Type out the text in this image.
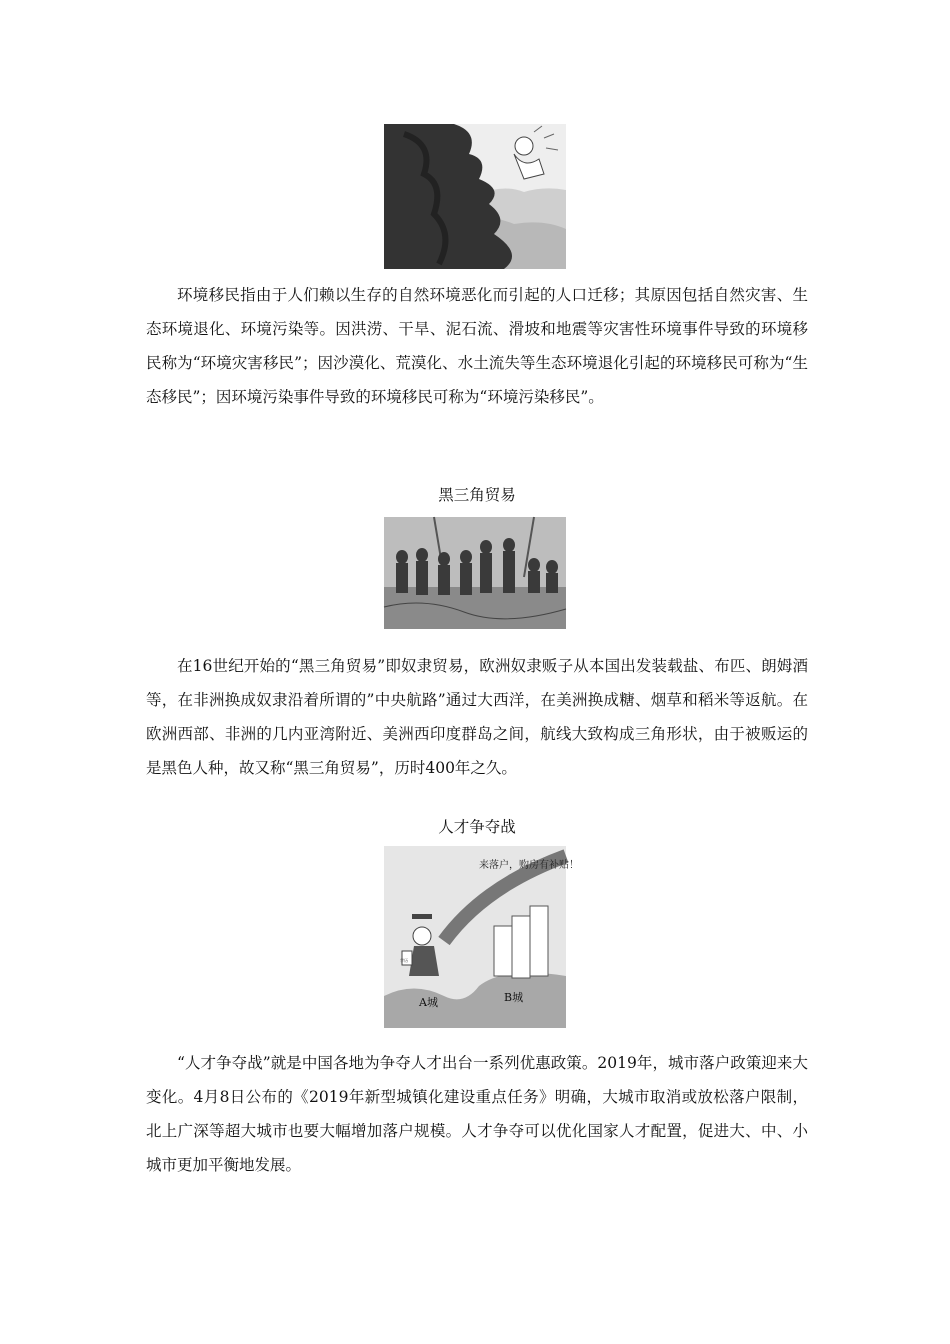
环境移民指由于人们赖以生存的自然环境恶化而引起的人口迁移；其原因包括自然灾害、生态环境退化、环境污染等。因洪涝、干旱、泥石流、滑坡和地震等灾害性环境事件导致的环境移民称为“环境灾害移民”；因沙漠化、荒漠化、水土流失等生态环境退化引起的环境移民可称为“生态移民”；因环境污染事件导致的环境移民可称为“环境污染移民”。

黑三角贸易

在16世纪开始的“黑三角贸易”即奴隶贸易，欧洲奴隶贩子从本国出发装载盐、布匹、朗姆酒等，在非洲换成奴隶沿着所谓的”中央航路”通过大西洋，在美洲换成糖、烟草和稻米等返航。在欧洲西部、非洲的几内亚湾附近、美洲西印度群岛之间，航线大致构成三角形状，由于被贩运的是黑色人种，故又称“黑三角贸易”，历时400年之久。

人才争夺战

学历
来落户，购房有补贴！
A城	B城

“人才争夺战”就是中国各地为争夺人才出台一系列优惠政策。2019年，城市落户政策迎来大变化。4月8日公布的《2019年新型城镇化建设重点任务》明确，大城市取消或放松落户限制，北上广深等超大城市也要大幅增加落户规模。人才争夺可以优化国家人才配置，促进大、中、小城市更加平衡地发展。
